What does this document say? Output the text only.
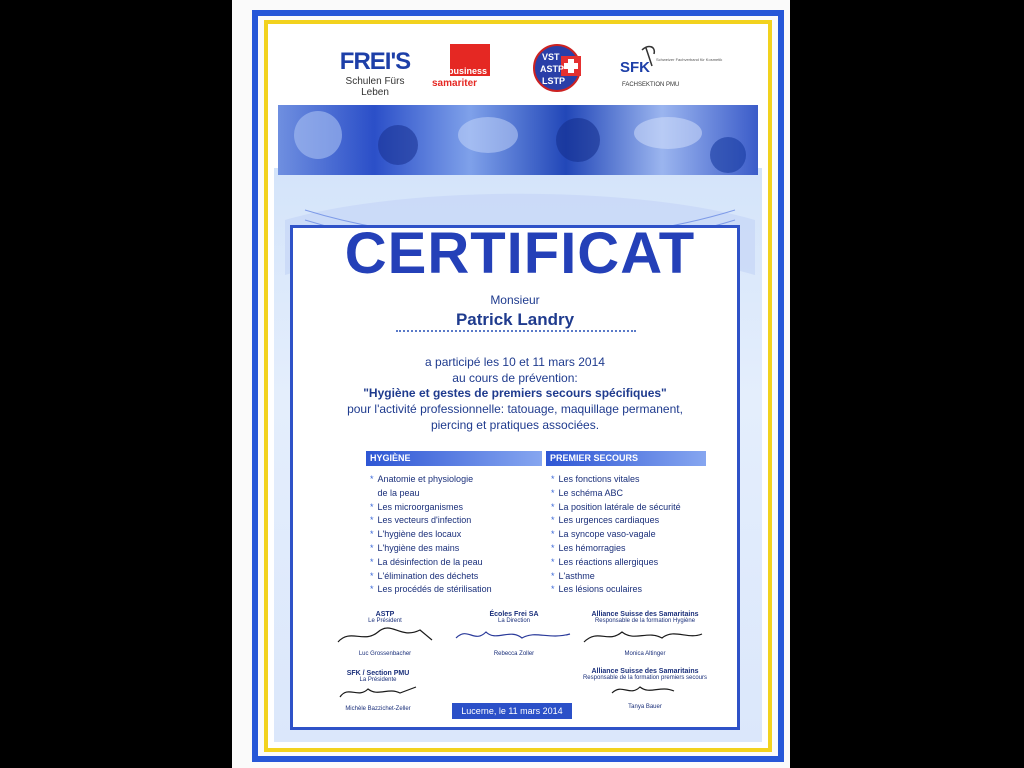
FREI'S
Schulen Fürs Leben
business
samariter
VST
ASTP
LSTP
SFK Schweizer Fachverband für Kosmetik
FACHSEKTION PMU
CERTIFICAT
Monsieur
Patrick Landry
a participé les 10 et 11 mars 2014
au cours de prévention:
"Hygiène et gestes de premiers secours spécifiques"
pour l'activité professionnelle: tatouage, maquillage permanent,
piercing et pratiques associées.
HYGIÈNE	PREMIER SECOURS
* Anatomie et physiologie
de la peau
* Les microorganismes
* Les vecteurs d'infection
* L'hygiène des locaux
* L'hygiène des mains
* La désinfection de la peau
* L'élimination des déchets
* Les procédés de stérilisation
* Les fonctions vitales
* Le schéma ABC
* La position latérale de sécurité
* Les urgences cardiaques
* La syncope vaso-vagale
* Les hémorragies
* Les réactions allergiques
* L'asthme
* Les lésions oculaires
ASTP
Le Président
Luc Grossenbacher
Écoles Frei SA
La Direction
Rebecca Zoller
Alliance Suisse des Samaritains
Responsable de la formation Hygiène
Monica Altinger
SFK / Section PMU
La Présidente
Michèle Bazzichet-Zeller
Alliance Suisse des Samaritains
Responsable de la formation premiers secours
Tanya Bauer
Lucerne, le 11 mars 2014
